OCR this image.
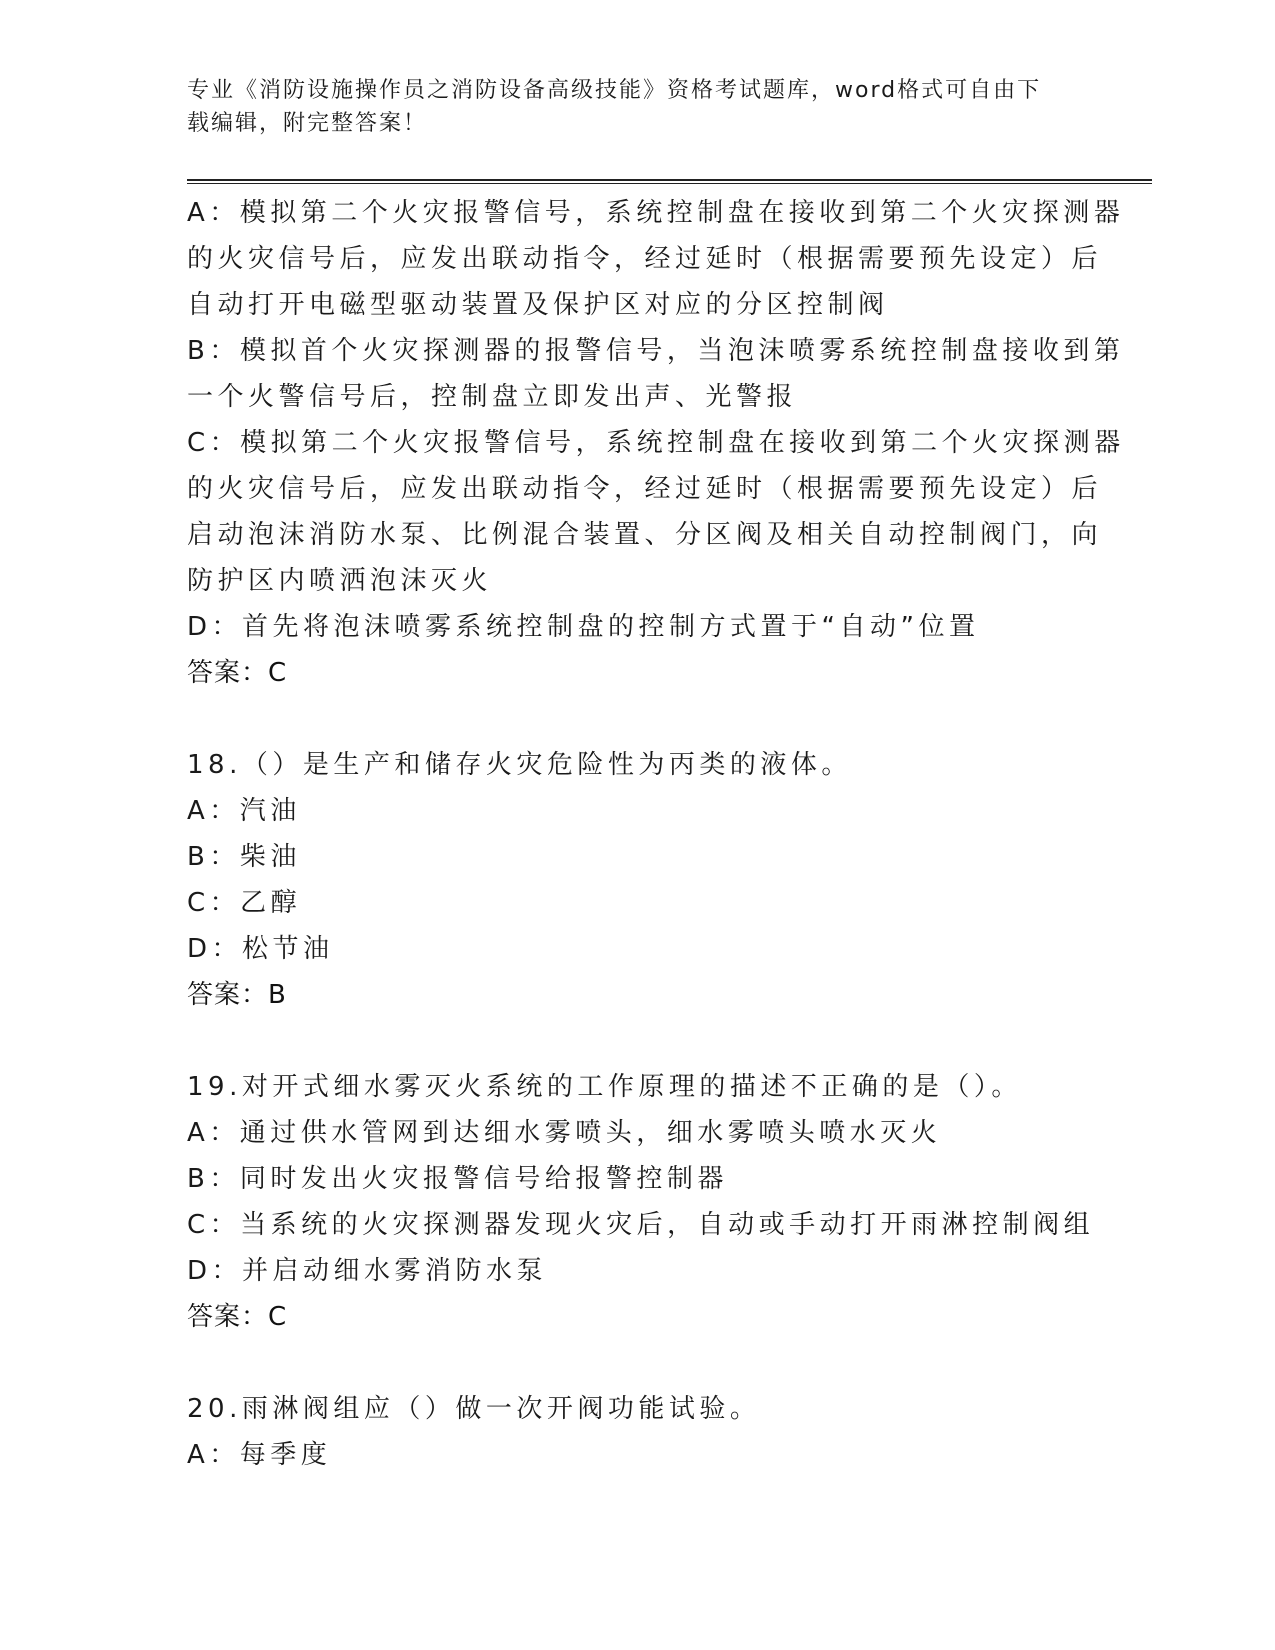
专业《消防设施操作员之消防设备高级技能》资格考试题库，word格式可自由下
载编辑，附完整答案！
A：模拟第二个火灾报警信号，系统控制盘在接收到第二个火灾探测器
的火灾信号后，应发出联动指令，经过延时（根据需要预先设定）后
自动打开电磁型驱动装置及保护区对应的分区控制阀
B：模拟首个火灾探测器的报警信号，当泡沫喷雾系统控制盘接收到第
一个火警信号后，控制盘立即发出声、光警报
C：模拟第二个火灾报警信号，系统控制盘在接收到第二个火灾探测器
的火灾信号后，应发出联动指令，经过延时（根据需要预先设定）后
启动泡沫消防水泵、比例混合装置、分区阀及相关自动控制阀门，向
防护区内喷洒泡沫灭火
D：首先将泡沫喷雾系统控制盘的控制方式置于“自动”位置
答案：C
18.（）是生产和储存火灾危险性为丙类的液体。
A：汽油
B：柴油
C：乙醇
D：松节油
答案：B
19.对开式细水雾灭火系统的工作原理的描述不正确的是（）。
A：通过供水管网到达细水雾喷头，细水雾喷头喷水灭火
B：同时发出火灾报警信号给报警控制器
C：当系统的火灾探测器发现火灾后，自动或手动打开雨淋控制阀组
D：并启动细水雾消防水泵
答案：C
20.雨淋阀组应（）做一次开阀功能试验。
A：每季度
